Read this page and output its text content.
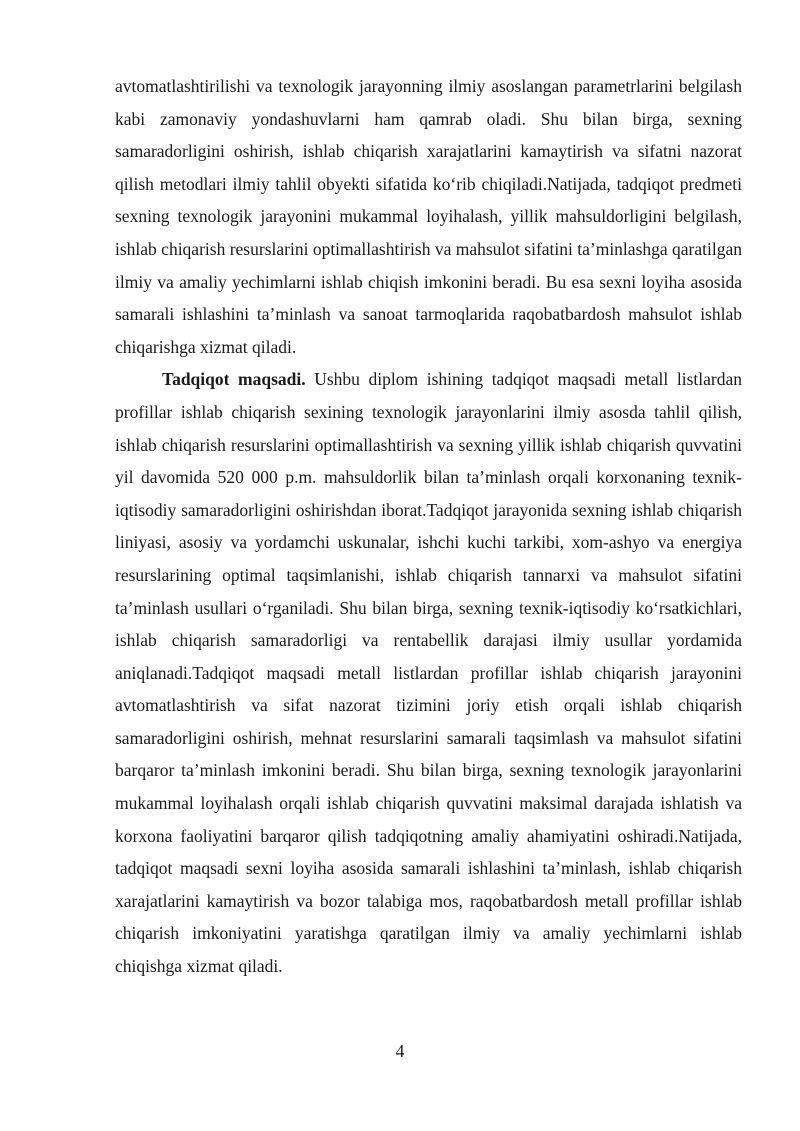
avtomatlashtirilishi va texnologik jarayonning ilmiy asoslangan parametrlarini belgilash kabi zamonaviy yondashuvlarni ham qamrab oladi. Shu bilan birga, sexning samaradorligini oshirish, ishlab chiqarish xarajatlarini kamaytirish va sifatni nazorat qilish metodlari ilmiy tahlil obyekti sifatida ko‘rib chiqiladi.Natijada, tadqiqot predmeti sexning texnologik jarayonini mukammal loyihalash, yillik mahsuldorligini belgilash, ishlab chiqarish resurslarini optimallashtirish va mahsulot sifatini ta’minlashga qaratilgan ilmiy va amaliy yechimlarni ishlab chiqish imkonini beradi. Bu esa sexni loyiha asosida samarali ishlashini ta’minlash va sanoat tarmoqlarida raqobatbardosh mahsulot ishlab chiqarishga xizmat qiladi.

Tadqiqot maqsadi. Ushbu diplom ishining tadqiqot maqsadi metall listlardan profillar ishlab chiqarish sexining texnologik jarayonlarini ilmiy asosda tahlil qilish, ishlab chiqarish resurslarini optimallashtirish va sexning yillik ishlab chiqarish quvvatini yil davomida 520 000 p.m. mahsuldorlik bilan ta’minlash orqali korxonaning texnik-iqtisodiy samaradorligini oshirishdan iborat.Tadqiqot jarayonida sexning ishlab chiqarish liniyasi, asosiy va yordamchi uskunalar, ishchi kuchi tarkibi, xom-ashyo va energiya resurslarining optimal taqsimlanishi, ishlab chiqarish tannarxi va mahsulot sifatini ta’minlash usullari o‘rganiladi. Shu bilan birga, sexning texnik-iqtisodiy ko‘rsatkichlari, ishlab chiqarish samaradorligi va rentabellik darajasi ilmiy usullar yordamida aniqlanadi.Tadqiqot maqsadi metall listlardan profillar ishlab chiqarish jarayonini avtomatlashtirish va sifat nazorat tizimini joriy etish orqali ishlab chiqarish samaradorligini oshirish, mehnat resurslarini samarali taqsimlash va mahsulot sifatini barqaror ta’minlash imkonini beradi. Shu bilan birga, sexning texnologik jarayonlarini mukammal loyihalash orqali ishlab chiqarish quvvatini maksimal darajada ishlatish va korxona faoliyatini barqaror qilish tadqiqotning amaliy ahamiyatini oshiradi.Natijada, tadqiqot maqsadi sexni loyiha asosida samarali ishlashini ta’minlash, ishlab chiqarish xarajatlarini kamaytirish va bozor talabiga mos, raqobatbardosh metall profillar ishlab chiqarish imkoniyatini yaratishga qaratilgan ilmiy va amaliy yechimlarni ishlab chiqishga xizmat qiladi.

4
